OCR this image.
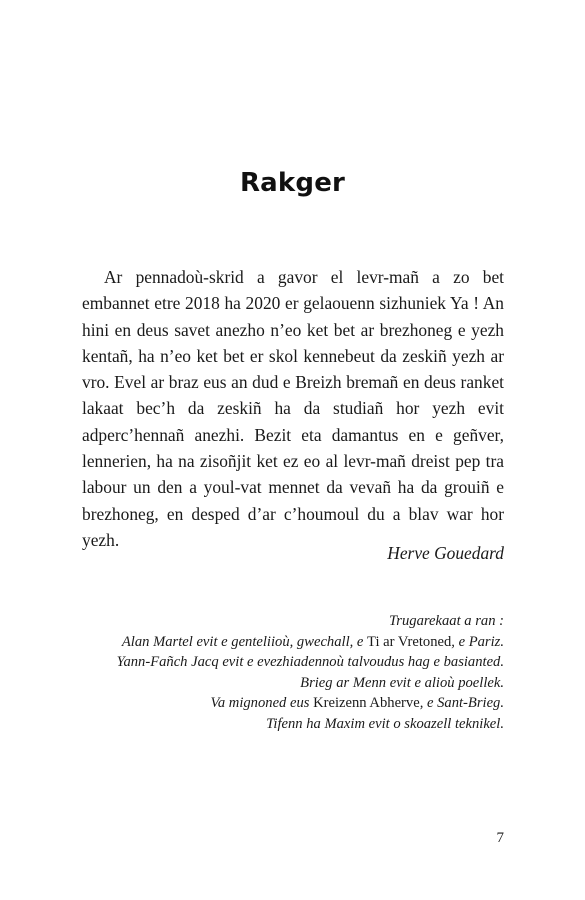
Rakger

Ar pennadoù-skrid a gavor el levr-mañ a zo bet embannet etre 2018 ha 2020 er gelaouenn sizhuniek Ya ! An hini en deus savet anezho n’eo ket bet ar brezhoneg e yezh kentañ, ha n’eo ket bet er skol kennebeut da zeskiñ yezh ar vro. Evel ar braz eus an dud e Breizh bremañ en deus ranket lakaat bec’h da zeskiñ ha da studiañ hor yezh evit adperc’hennañ anezhi. Bezit eta damantus en e geñver, lennerien, ha na zisoñjit ket ez eo al levr-mañ dreist pep tra labour un den a youl-vat mennet da vevañ ha da grouiñ e brezhoneg, en desped d’ar c’houmoul du a blav war hor yezh.

Herve Gouedard
Trugarekaat a ran :
Alan Martel evit e genteliioù, gwechall, e Ti ar Vretoned, e Pariz.
Yann-Fañch Jacq evit e evezhiadennoù talvoudus hag e basianted.
Brieg ar Menn evit e alioù poellek.
Va mignoned eus Kreizenn Abherve, e Sant-Brieg.
Tifenn ha Maxim evit o skoazell teknikel.
7
